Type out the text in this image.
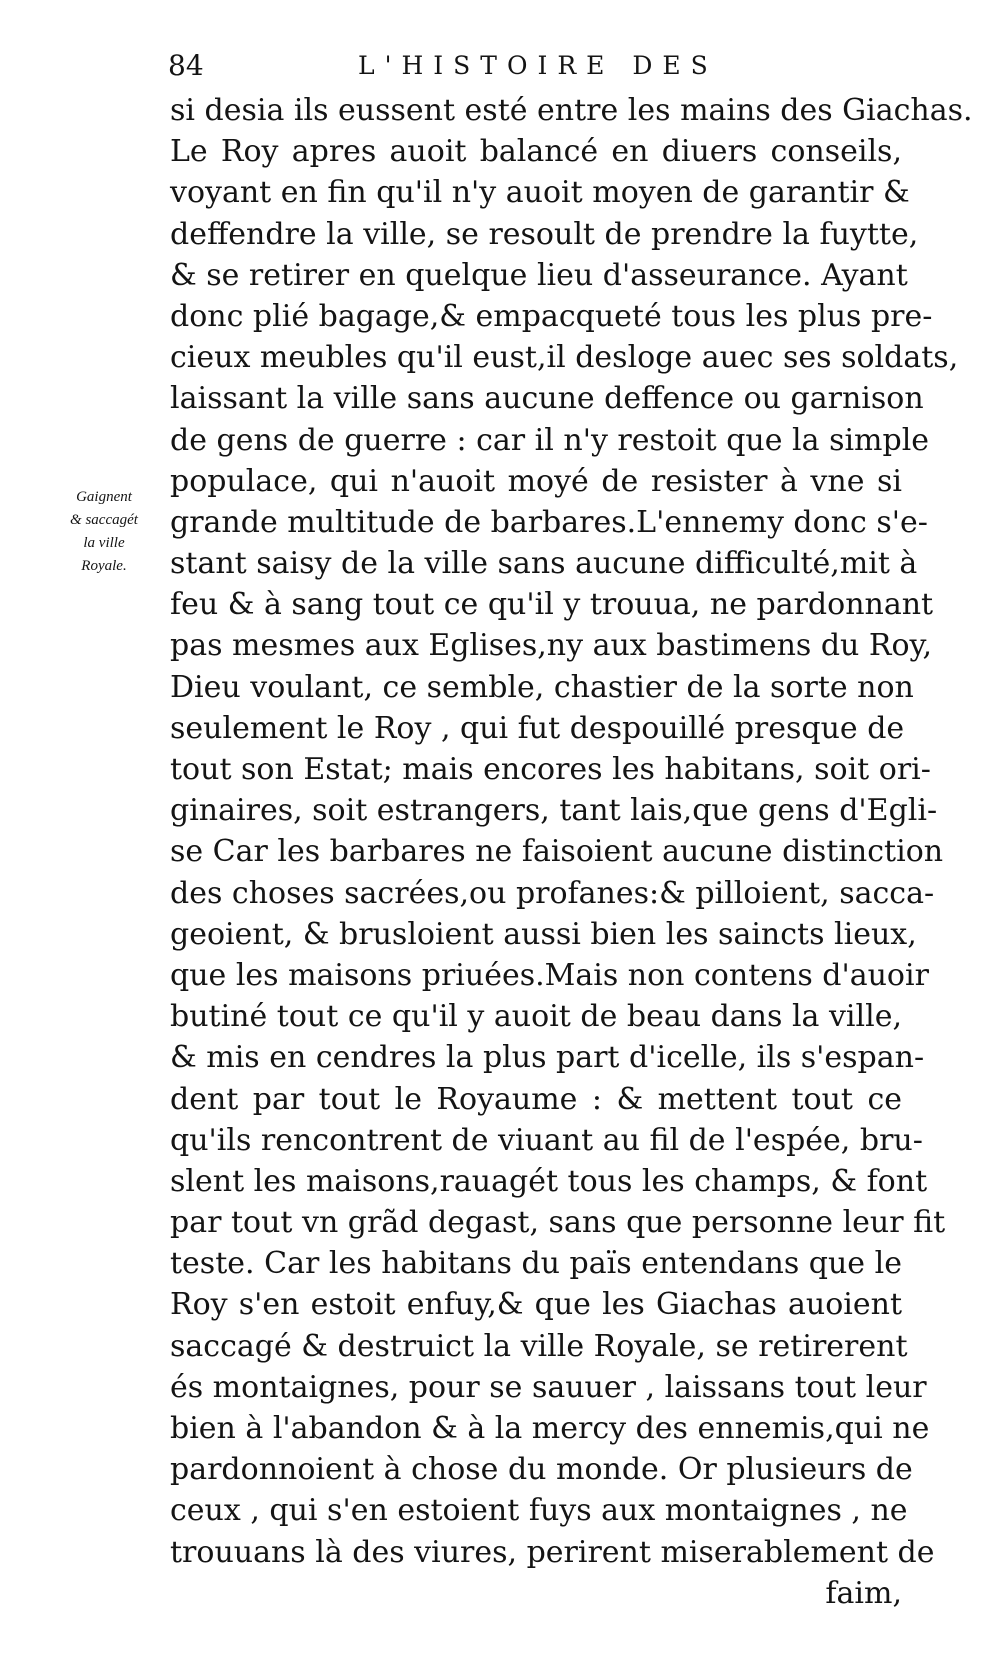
84	L'HISTOIRE DES
Gaignent
& saccagét
la ville
Royale.
si desia ils eussent esté entre les mains des Giachas.
Le Roy apres auoit balancé en diuers conseils,
voyant en fin qu'il n'y auoit moyen de garantir &
deffendre la ville, se resoult de prendre la fuytte,
& se retirer en quelque lieu d'asseurance. Ayant
donc plié bagage,& empacqueté tous les plus pre-
cieux meubles qu'il eust,il desloge auec ses soldats,
laissant la ville sans aucune deffence ou garnison
de gens de guerre : car il n'y restoit que la simple
populace, qui n'auoit moyé de resister à vne si
grande multitude de barbares.L'ennemy donc s'e-
stant saisy de la ville sans aucune difficulté,mit à
feu & à sang tout ce qu'il y trouua, ne pardonnant
pas mesmes aux Eglises,ny aux bastimens du Roy,
Dieu voulant, ce semble, chastier de la sorte non
seulement le Roy , qui fut despouillé presque de
tout son Estat; mais encores les habitans, soit ori-
ginaires, soit estrangers, tant lais,que gens d'Egli-
se Car les barbares ne faisoient aucune distinction
des choses sacrées,ou profanes:& pilloient, sacca-
geoient, & brusloient aussi bien les saincts lieux,
que les maisons priuées.Mais non contens d'auoir
butiné tout ce qu'il y auoit de beau dans la ville,
& mis en cendres la plus part d'icelle, ils s'espan-
dent par tout le Royaume : & mettent tout ce
qu'ils rencontrent de viuant au fil de l'espée, bru-
slent les maisons,rauagét tous les champs, & font
par tout vn grãd degast, sans que personne leur fit
teste. Car les habitans du païs entendans que le
Roy s'en estoit enfuy,& que les Giachas auoient
saccagé & destruict la ville Royale, se retirerent
és montaignes, pour se sauuer , laissans tout leur
bien à l'abandon & à la mercy des ennemis,qui ne
pardonnoient à chose du monde. Or plusieurs de
ceux , qui s'en estoient fuys aux montaignes , ne
trouuans là des viures, perirent miserablement de
faim,
